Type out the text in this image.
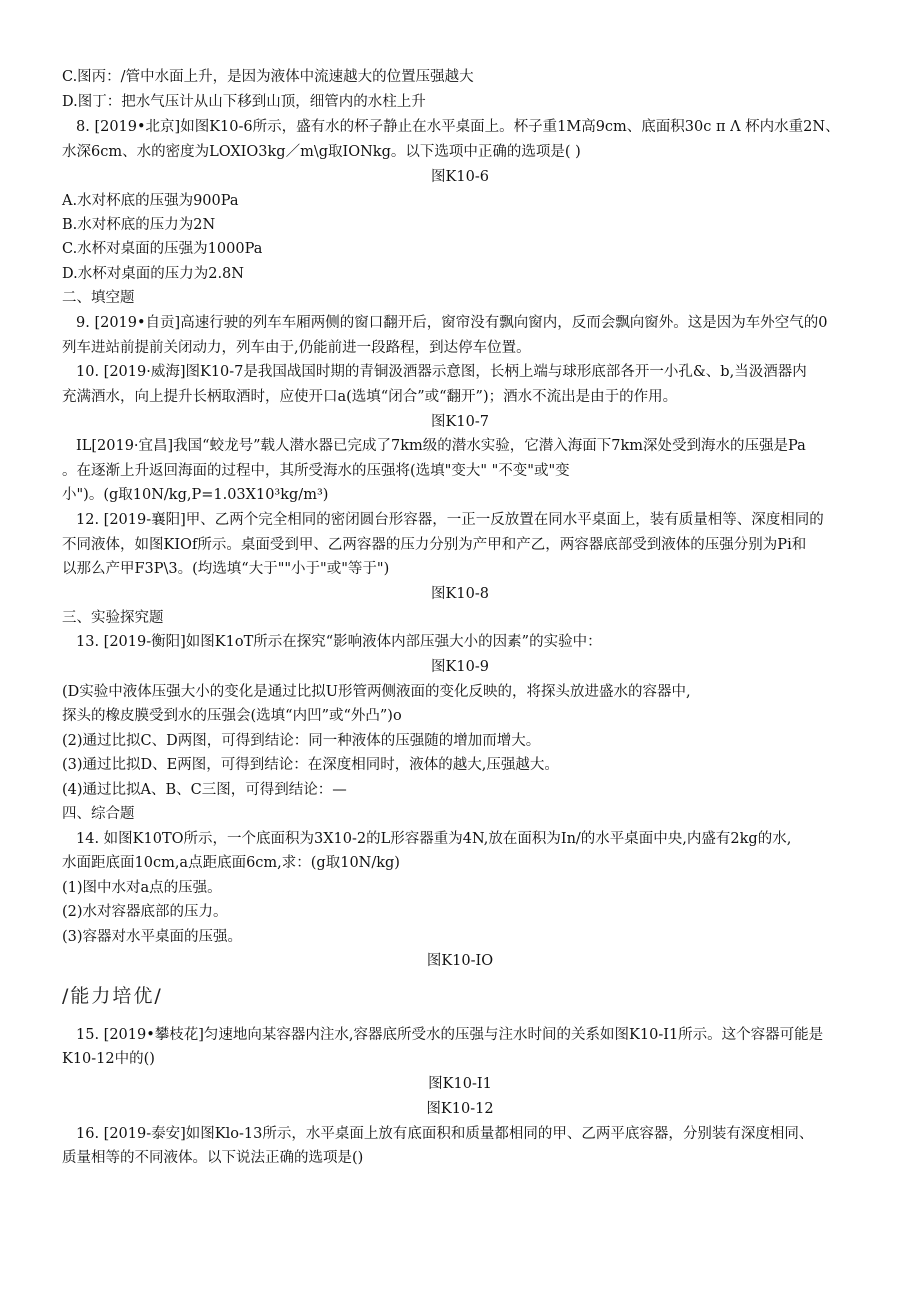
C.图丙：/管中水面上升，是因为液体中流速越大的位置压强越大
D.图丁：把水气压计从山下移到山顶，细管内的水柱上升
8. [2019•北京]如图K10-6所示，盛有水的杯子静止在水平桌面上。杯子重1M高9cm、底面积30c π Λ 杯内水重2N、
水深6cm、水的密度为LOXIO3kg／m\g取IONkg。以下选项中正确的选项是( )
图K10-6
A.水对杯底的压强为900Pa
B.水对杯底的压力为2N
C.水杯对桌面的压强为1000Pa
D.水杯对桌面的压力为2.8N
二、填空题
9. [2019•自贡]高速行驶的列车车厢两侧的窗口翻开后，窗帘没有飘向窗内，反而会飘向窗外。这是因为车外空气的0
列车进站前提前关闭动力，列车由于,仍能前进一段路程，到达停车位置。
10. [2019·威海]图K10-7是我国战国时期的青铜汲酒器示意图，长柄上端与球形底部各开一小孔&、b,当汲酒器内
充满酒水，向上提升长柄取酒时，应使开口a(选填“闭合”或“翻开”)；酒水不流出是由于的作用。
图K10-7
IL[2019·宜昌]我国“蛟龙号”载人潜水器已完成了7km级的潜水实验，它潜入海面下7km深处受到海水的压强是Pa
。在逐渐上升返回海面的过程中，其所受海水的压强将(选填"变大" "不变"或"变
小")。(g取10N/kg,P=1.03X10³kg/m³)
12. [2019-襄阳]甲、乙两个完全相同的密闭圆台形容器，一正一反放置在同水平桌面上，装有质量相等、深度相同的
不同液体，如图KIOf所示。桌面受到甲、乙两容器的压力分别为产甲和产乙，两容器底部受到液体的压强分别为Pi和
以那么产甲F3P\3。(均选填“大于""小于"或"等于")
图K10-8
三、实验探究题
13. [2019-衡阳]如图K1oT所示在探究“影响液体内部压强大小的因素”的实验中：
图K10-9
(D实验中液体压强大小的变化是通过比拟U形管两侧液面的变化反映的，将探头放进盛水的容器中,
探头的橡皮膜受到水的压强会(选填“内凹”或“外凸”)o
(2)通过比拟C、D两图，可得到结论：同一种液体的压强随的增加而增大。
(3)通过比拟D、E两图，可得到结论：在深度相同时，液体的越大,压强越大。
(4)通过比拟A、B、C三图，可得到结论：—
四、综合题
14. 如图K10TO所示，一个底面积为3X10-2的L形容器重为4N,放在面积为In/的水平桌面中央,内盛有2kg的水,
水面距底面10cm,a点距底面6cm,求：(g取10N/kg)
(1)图中水对a点的压强。
(2)水对容器底部的压力。
(3)容器对水平桌面的压强。
图K10-IO
/能力培优/
15. [2019•攀枝花]匀速地向某容器内注水,容器底所受水的压强与注水时间的关系如图K10-I1所示。这个容器可能是
K10-12中的()
图K10-I1
图K10-12
16. [2019-泰安]如图Klo-13所示，水平桌面上放有底面积和质量都相同的甲、乙两平底容器，分别装有深度相同、
质量相等的不同液体。以下说法正确的选项是()
